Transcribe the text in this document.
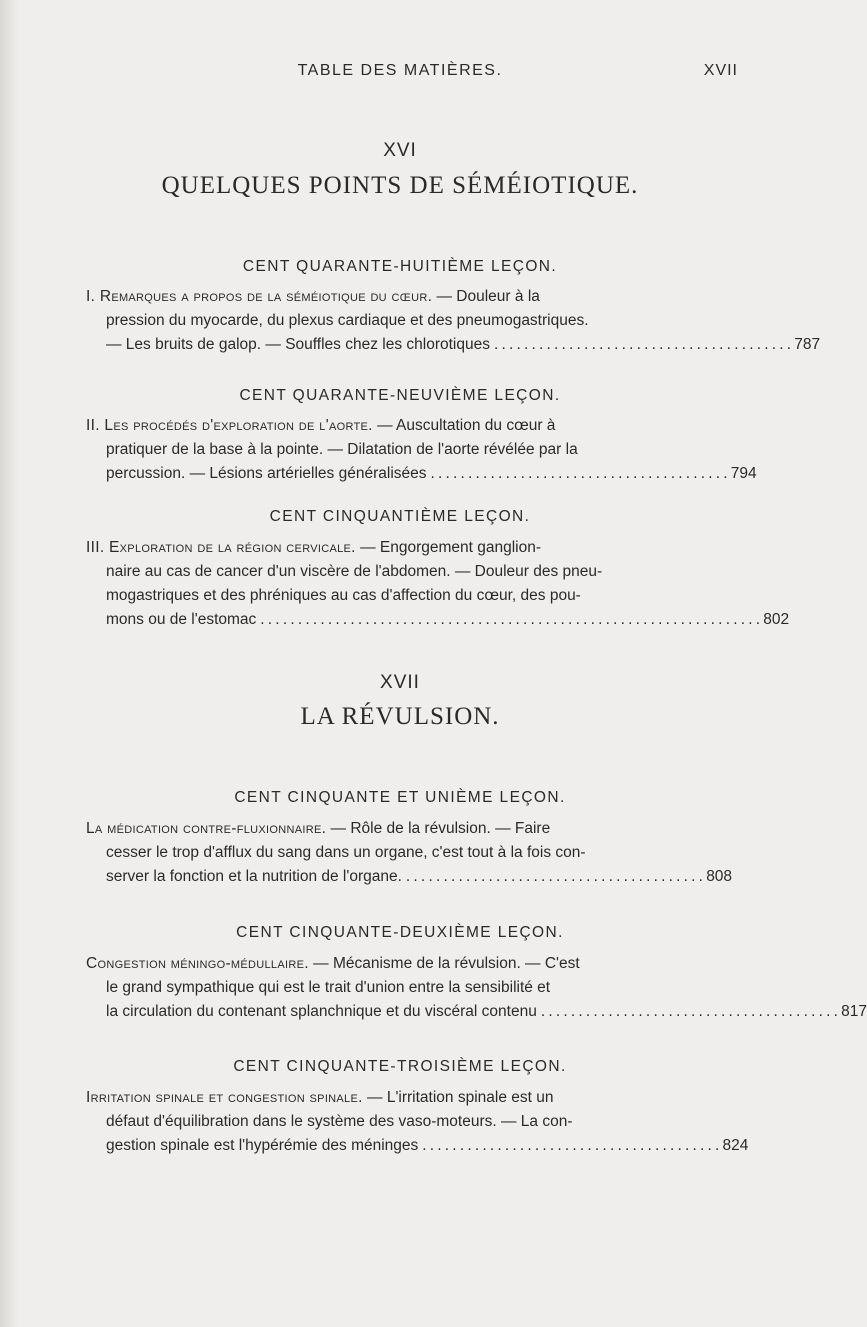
TABLE DES MATIÈRES.	XVII
XVI
QUELQUES POINTS DE SÉMÉIOTIQUE.
CENT QUARANTE-HUITIÈME LEÇON.
I. Remarques a propos de la séméiotique du cœur. — Douleur à la
pression du myocarde, du plexus cardiaque et des pneumogastriques.
— Les bruits de galop. — Souffles chez les chlorotiques ........................................787
CENT QUARANTE-NEUVIÈME LEÇON.
II. Les procédés d'exploration de l'aorte. — Auscultation du cœur à
pratiquer de la base à la pointe. — Dilatation de l'aorte révélée par la
percussion. — Lésions artérielles généralisées ........................................794
CENT CINQUANTIÈME LEÇON.
III. Exploration de la région cervicale. — Engorgement ganglion-
naire au cas de cancer d'un viscère de l'abdomen. — Douleur des pneu-
mogastriques et des phréniques au cas d'affection du cœur, des pou-
mons ou de l'estomac ...................................................................802
XVII
LA RÉVULSION.
CENT CINQUANTE ET UNIÈME LEÇON.
La médication contre-fluxionnaire. — Rôle de la révulsion. — Faire
cesser le trop d'afflux du sang dans un organe, c'est tout à la fois con-
server la fonction et la nutrition de l'organe. ........................................808
CENT CINQUANTE-DEUXIÈME LEÇON.
Congestion méningo-médullaire. — Mécanisme de la révulsion. — C'est
le grand sympathique qui est le trait d'union entre la sensibilité et
la circulation du contenant splanchnique et du viscéral contenu ........................................817
CENT CINQUANTE-TROISIÈME LEÇON.
Irritation spinale et congestion spinale. — L'irritation spinale est un
défaut d'équilibration dans le système des vaso-moteurs. — La con-
gestion spinale est l'hypérémie des méninges ........................................824
